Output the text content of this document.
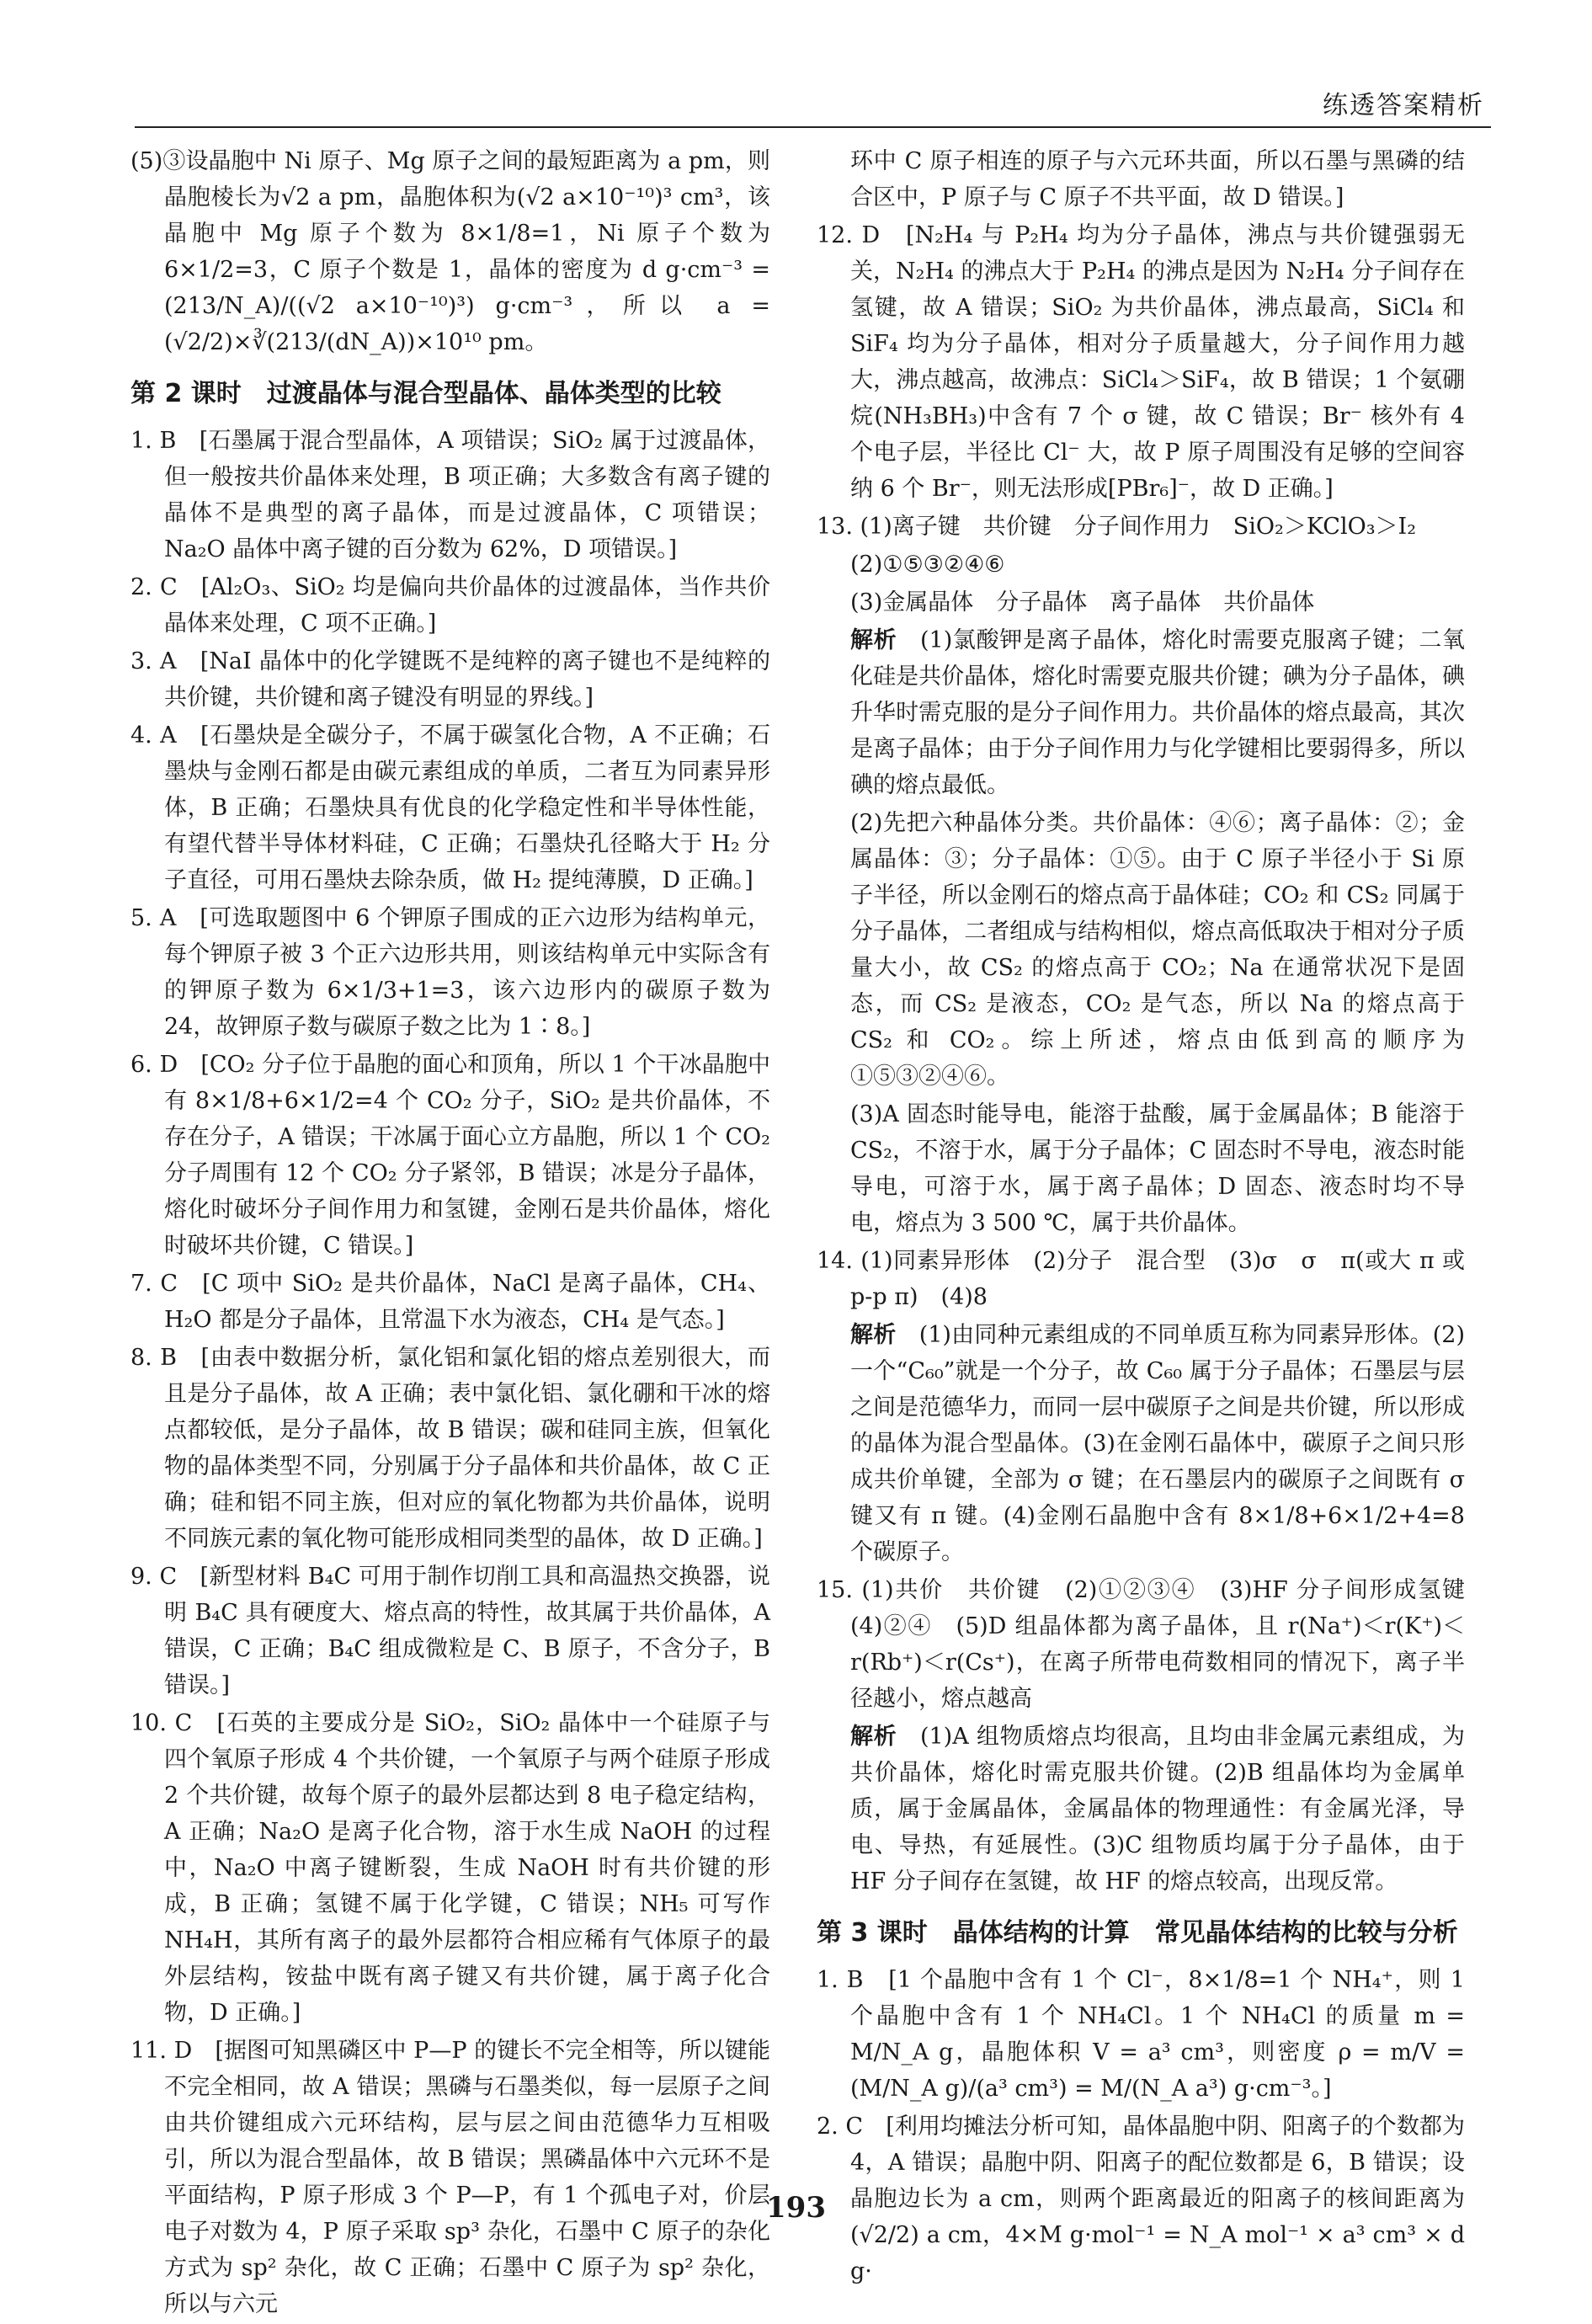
练透答案精析

(5)③设晶胞中 Ni 原子、Mg 原子之间的最短距离为 a pm，则晶胞棱长为√2 a pm，晶胞体积为(√2 a×10⁻¹⁰)³ cm³，该晶胞中 Mg 原子个数为 8×1/8=1，Ni 原子个数为 6×1/2=3，C 原子个数是 1，晶体的密度为 d g·cm⁻³ = (213/N_A)/((√2 a×10⁻¹⁰)³) g·cm⁻³，所以 a = (√2/2)×∛(213/(dN_A))×10¹⁰ pm。

第 2 课时　过渡晶体与混合型晶体、晶体类型的比较

1. B　[石墨属于混合型晶体，A 项错误；SiO₂ 属于过渡晶体，但一般按共价晶体来处理，B 项正确；大多数含有离子键的晶体不是典型的离子晶体，而是过渡晶体，C 项错误；Na₂O 晶体中离子键的百分数为 62%，D 项错误。]

2. C　[Al₂O₃、SiO₂ 均是偏向共价晶体的过渡晶体，当作共价晶体来处理，C 项不正确。]

3. A　[NaI 晶体中的化学键既不是纯粹的离子键也不是纯粹的共价键，共价键和离子键没有明显的界线。]

4. A　[石墨炔是全碳分子，不属于碳氢化合物，A 不正确；石墨炔与金刚石都是由碳元素组成的单质，二者互为同素异形体，B 正确；石墨炔具有优良的化学稳定性和半导体性能，有望代替半导体材料硅，C 正确；石墨炔孔径略大于 H₂ 分子直径，可用石墨炔去除杂质，做 H₂ 提纯薄膜，D 正确。]

5. A　[可选取题图中 6 个钾原子围成的正六边形为结构单元，每个钾原子被 3 个正六边形共用，则该结构单元中实际含有的钾原子数为 6×1/3+1=3，该六边形内的碳原子数为 24，故钾原子数与碳原子数之比为 1∶8。]

6. D　[CO₂ 分子位于晶胞的面心和顶角，所以 1 个干冰晶胞中有 8×1/8+6×1/2=4 个 CO₂ 分子，SiO₂ 是共价晶体，不存在分子，A 错误；干冰属于面心立方晶胞，所以 1 个 CO₂ 分子周围有 12 个 CO₂ 分子紧邻，B 错误；冰是分子晶体，熔化时破坏分子间作用力和氢键，金刚石是共价晶体，熔化时破坏共价键，C 错误。]

7. C　[C 项中 SiO₂ 是共价晶体，NaCl 是离子晶体，CH₄、H₂O 都是分子晶体，且常温下水为液态，CH₄ 是气态。]

8. B　[由表中数据分析，氯化铝和氯化铝的熔点差别很大，而且是分子晶体，故 A 正确；表中氯化铝、氯化硼和干冰的熔点都较低，是分子晶体，故 B 错误；碳和硅同主族，但氧化物的晶体类型不同，分别属于分子晶体和共价晶体，故 C 正确；硅和铝不同主族，但对应的氧化物都为共价晶体，说明不同族元素的氧化物可能形成相同类型的晶体，故 D 正确。]

9. C　[新型材料 B₄C 可用于制作切削工具和高温热交换器，说明 B₄C 具有硬度大、熔点高的特性，故其属于共价晶体，A 错误，C 正确；B₄C 组成微粒是 C、B 原子，不含分子，B 错误。]

10. C　[石英的主要成分是 SiO₂，SiO₂ 晶体中一个硅原子与四个氧原子形成 4 个共价键，一个氧原子与两个硅原子形成 2 个共价键，故每个原子的最外层都达到 8 电子稳定结构，A 正确；Na₂O 是离子化合物，溶于水生成 NaOH 的过程中，Na₂O 中离子键断裂，生成 NaOH 时有共价键的形成，B 正确；氢键不属于化学键，C 错误；NH₅ 可写作 NH₄H，其所有离子的最外层都符合相应稀有气体原子的最外层结构，铵盐中既有离子键又有共价键，属于离子化合物，D 正确。]

11. D　[据图可知黑磷区中 P—P 的键长不完全相等，所以键能不完全相同，故 A 错误；黑磷与石墨类似，每一层原子之间由共价键组成六元环结构，层与层之间由范德华力互相吸引，所以为混合型晶体，故 B 错误；黑磷晶体中六元环不是平面结构，P 原子形成 3 个 P—P，有 1 个孤电子对，价层电子对数为 4，P 原子采取 sp³ 杂化，石墨中 C 原子的杂化方式为 sp² 杂化，故 C 正确；石墨中 C 原子为 sp² 杂化，所以与六元

环中 C 原子相连的原子与六元环共面，所以石墨与黑磷的结合区中，P 原子与 C 原子不共平面，故 D 错误。]

12. D　[N₂H₄ 与 P₂H₄ 均为分子晶体，沸点与共价键强弱无关，N₂H₄ 的沸点大于 P₂H₄ 的沸点是因为 N₂H₄ 分子间存在氢键，故 A 错误；SiO₂ 为共价晶体，沸点最高，SiCl₄ 和 SiF₄ 均为分子晶体，相对分子质量越大，分子间作用力越大，沸点越高，故沸点：SiCl₄＞SiF₄，故 B 错误；1 个氨硼烷(NH₃BH₃)中含有 7 个 σ 键，故 C 错误；Br⁻ 核外有 4 个电子层，半径比 Cl⁻ 大，故 P 原子周围没有足够的空间容纳 6 个 Br⁻，则无法形成[PBr₆]⁻，故 D 正确。]

13. (1)离子键　共价键　分子间作用力　SiO₂＞KClO₃＞I₂

(2)①⑤③②④⑥

(3)金属晶体　分子晶体　离子晶体　共价晶体

解析　 (1)氯酸钾是离子晶体，熔化时需要克服离子键；二氧化硅是共价晶体，熔化时需要克服共价键；碘为分子晶体，碘升华时需克服的是分子间作用力。共价晶体的熔点最高，其次是离子晶体；由于分子间作用力与化学键相比要弱得多，所以碘的熔点最低。

(2)先把六种晶体分类。共价晶体：④⑥；离子晶体：②；金属晶体：③；分子晶体：①⑤。由于 C 原子半径小于 Si 原子半径，所以金刚石的熔点高于晶体硅；CO₂ 和 CS₂ 同属于分子晶体，二者组成与结构相似，熔点高低取决于相对分子质量大小，故 CS₂ 的熔点高于 CO₂；Na 在通常状况下是固态，而 CS₂ 是液态，CO₂ 是气态，所以 Na 的熔点高于 CS₂ 和 CO₂。综上所述，熔点由低到高的顺序为①⑤③②④⑥。

(3)A 固态时能导电，能溶于盐酸，属于金属晶体；B 能溶于 CS₂，不溶于水，属于分子晶体；C 固态时不导电，液态时能导电，可溶于水，属于离子晶体；D 固态、液态时均不导电，熔点为 3 500 ℃，属于共价晶体。

14. (1)同素异形体　(2)分子　混合型　(3)σ　σ　π(或大 π 或 p-p π)　(4)8

解析　 (1)由同种元素组成的不同单质互称为同素异形体。(2)一个“C₆₀”就是一个分子，故 C₆₀ 属于分子晶体；石墨层与层之间是范德华力，而同一层中碳原子之间是共价键，所以形成的晶体为混合型晶体。(3)在金刚石晶体中，碳原子之间只形成共价单键，全部为 σ 键；在石墨层内的碳原子之间既有 σ 键又有 π 键。(4)金刚石晶胞中含有 8×1/8+6×1/2+4=8 个碳原子。

15. (1)共价　共价键　(2)①②③④　(3)HF 分子间形成氢键　(4)②④　(5)D 组晶体都为离子晶体，且 r(Na⁺)＜r(K⁺)＜r(Rb⁺)＜r(Cs⁺)，在离子所带电荷数相同的情况下，离子半径越小，熔点越高

解析　 (1)A 组物质熔点均很高，且均由非金属元素组成，为共价晶体，熔化时需克服共价键。(2)B 组晶体均为金属单质，属于金属晶体，金属晶体的物理通性：有金属光泽，导电、导热，有延展性。(3)C 组物质均属于分子晶体，由于 HF 分子间存在氢键，故 HF 的熔点较高，出现反常。

第 3 课时　晶体结构的计算　常见晶体结构的比较与分析

1. B　[1 个晶胞中含有 1 个 Cl⁻，8×1/8=1 个 NH₄⁺，则 1 个晶胞中含有 1 个 NH₄Cl。1 个 NH₄Cl 的质量 m = M/N_A g，晶胞体积 V = a³ cm³，则密度 ρ = m/V = (M/N_A g)/(a³ cm³) = M/(N_A a³) g·cm⁻³。]

2. C　[利用均摊法分析可知，晶体晶胞中阴、阳离子的个数都为 4，A 错误；晶胞中阴、阳离子的配位数都是 6，B 错误；设晶胞边长为 a cm，则两个距离最近的阳离子的核间距离为 (√2/2) a cm，4×M g·mol⁻¹ = N_A mol⁻¹ × a³ cm³ × d g·

193
